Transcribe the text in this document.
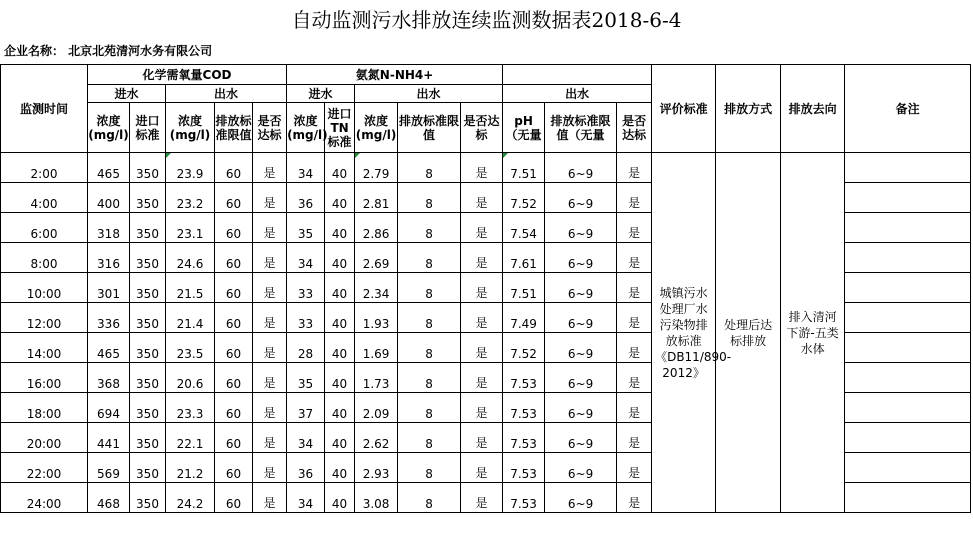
自动监测污水排放连续监测数据表2018-6-4
企业名称： 北京北苑清河水务有限公司
监测时间	化学需氧量COD					氨氮N-NH4+								评价标准	排放方式	排放去向	备注
	进水		出水			进水		出水			出水						
	浓度(mg/l)	进口标准	浓度(mg/l)	排放标准限值	是否达标	浓度(mg/l)	进口TN标准	浓度(mg/l)	排放标准限值	是否达标	pH（无量	排放标准限值（无量	是否达标				
2:00	465	350	23.9	60	是	34	40	2.79	8	是	7.51	6~9	是	城镇污水处理厂水污染物排放标准《DB11/890-2012》	处理后达标排放	排入清河下游-五类水体	
4:00	400	350	23.2	60	是	36	40	2.81	8	是	7.52	6~9	是				
6:00	318	350	23.1	60	是	35	40	2.86	8	是	7.54	6~9	是				
8:00	316	350	24.6	60	是	34	40	2.69	8	是	7.61	6~9	是				
10:00	301	350	21.5	60	是	33	40	2.34	8	是	7.51	6~9	是				
12:00	336	350	21.4	60	是	33	40	1.93	8	是	7.49	6~9	是				
14:00	465	350	23.5	60	是	28	40	1.69	8	是	7.52	6~9	是				
16:00	368	350	20.6	60	是	35	40	1.73	8	是	7.53	6~9	是				
18:00	694	350	23.3	60	是	37	40	2.09	8	是	7.53	6~9	是				
20:00	441	350	22.1	60	是	34	40	2.62	8	是	7.53	6~9	是				
22:00	569	350	21.2	60	是	36	40	2.93	8	是	7.53	6~9	是				
24:00	468	350	24.2	60	是	34	40	3.08	8	是	7.53	6~9	是				
